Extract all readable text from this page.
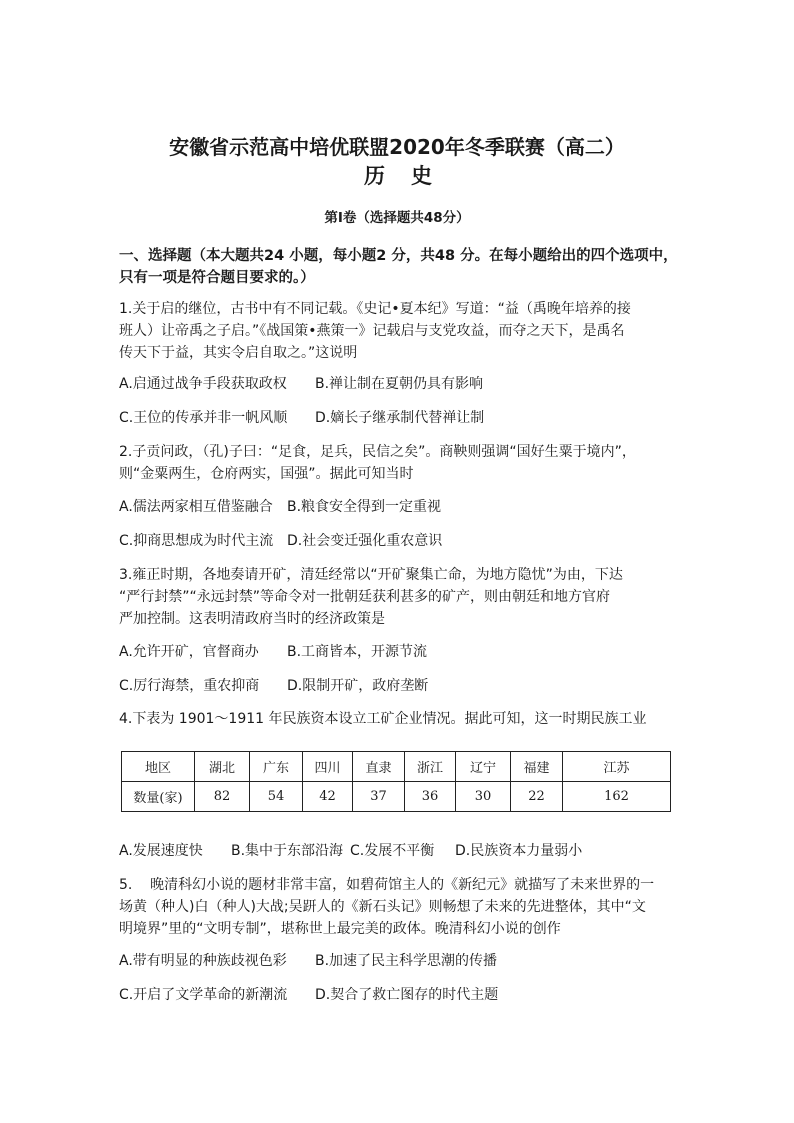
安徽省示范高中培优联盟2020年冬季联赛（高二）
历史
第I卷（选择题共48分）
一、选择题（本大题共24 小题，每小题2 分，共48 分。在每小题给出的四个选项中，
只有一项是符合题目要求的。）
1.关于启的继位，古书中有不同记载。《史记•夏本纪》写道：“益（禹晚年培养的接
班人）让帝禹之子启。”《战国策•燕策一》记载启与支党攻益，而夺之天下，是禹名
传天下于益，其实令启自取之。”这说明
A.启通过战争手段获取政权 B.禅让制在夏朝仍具有影响
C.王位的传承并非一帆风顺 D.嫡长子继承制代替禅让制
2.子贡问政，（孔)子曰：“足食，足兵，民信之矣”。商鞅则强调“国好生粟于境内”，
则“金粟两生，仓府两实，国强”。据此可知当时
A.儒法两家相互借鉴融合 B.粮食安全得到一定重视
C.抑商思想成为时代主流 D.社会变迁强化重农意识
3.雍正时期，各地奏请开矿，清廷经常以“开矿聚集亡命，为地方隐忧”为由，下达
“严行封禁”“永远封禁”等命令对一批朝廷获利甚多的矿产，则由朝廷和地方官府
严加控制。这表明清政府当时的经济政策是
A.允许开矿，官督商办 B.工商皆本，开源节流
C.厉行海禁，重农抑商 D.限制开矿，政府垄断
4.下表为 1901～1911 年民族资本设立工矿企业情况。据此可知，这一时期民族工业
地区	湖北	广东	四川	直隶	浙江	辽宁	福建	江苏
数量(家)	82	54	42	37	36	30	22	162
A.发展速度快 B.集中于东部沿海 C.发展不平衡 D.民族资本力量弱小
5.    晚清科幻小说的题材非常丰富，如碧荷馆主人的《新纪元》就描写了未来世界的一
场黄（种人)白（种人)大战;吴趼人的《新石头记》则畅想了未来的先进整体，其中“文
明境界”里的“文明专制”，堪称世上最完美的政体。晚清科幻小说的创作
A.带有明显的种族歧视色彩 B.加速了民主科学思潮的传播
C.开启了文学革命的新潮流 D.契合了救亡图存的时代主题
